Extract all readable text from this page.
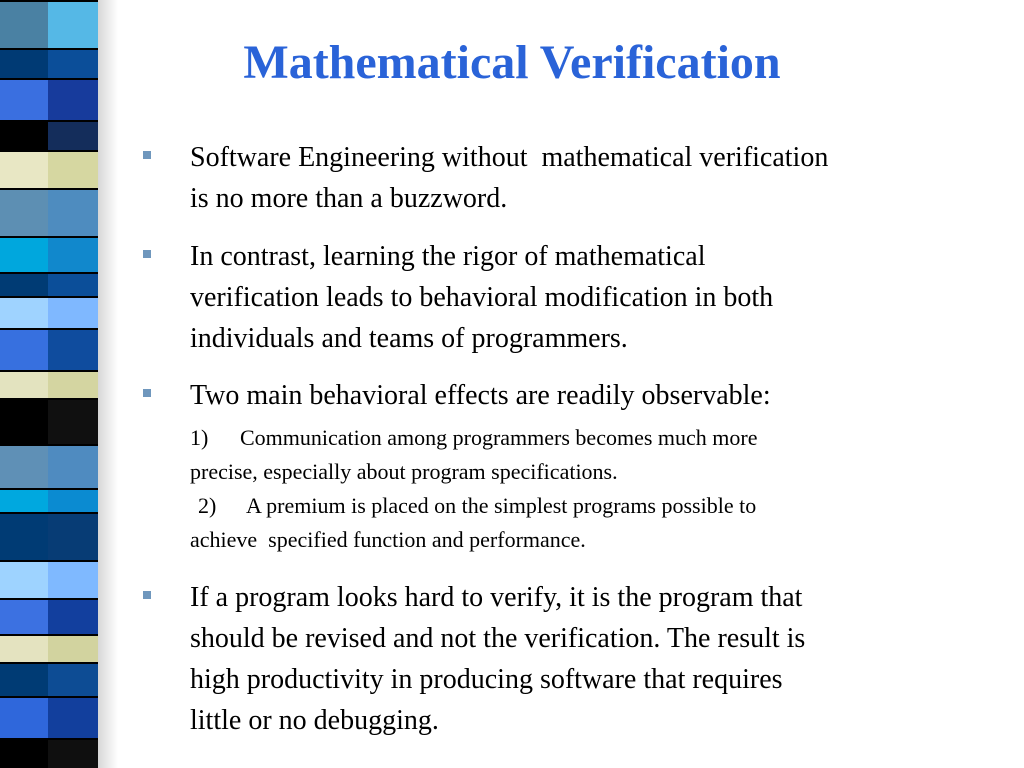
Mathematical Verification

Software Engineering without  mathematical verification
is no more than a buzzword.

In contrast, learning the rigor of mathematical
verification leads to behavioral modification in both
individuals and teams of programmers.

Two main behavioral effects are readily observable:

1) Communication among programmers becomes much more
precise, especially about program specifications.

2) A premium is placed on the simplest programs possible to
achieve  specified function and performance.

If a program looks hard to verify, it is the program that
should be revised and not the verification. The result is
high productivity in producing software that requires
little or no debugging.
